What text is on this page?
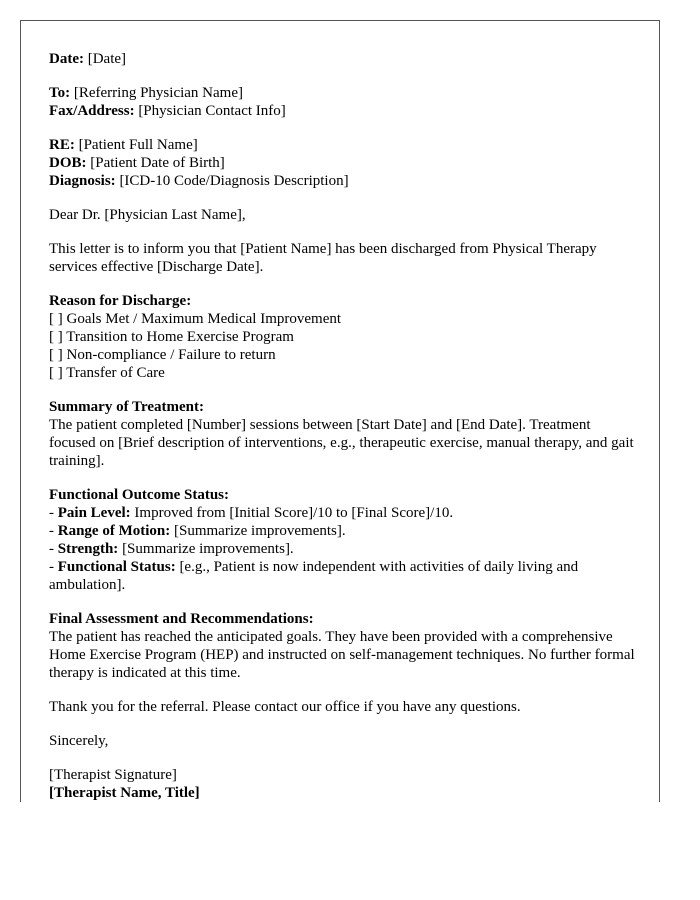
Date: [Date]

To: [Referring Physician Name]
Fax/Address: [Physician Contact Info]

RE: [Patient Full Name]
DOB: [Patient Date of Birth]
Diagnosis: [ICD-10 Code/Diagnosis Description]

Dear Dr. [Physician Last Name],

This letter is to inform you that [Patient Name] has been discharged from Physical Therapy services effective [Discharge Date].

Reason for Discharge:
[ ] Goals Met / Maximum Medical Improvement
[ ] Transition to Home Exercise Program
[ ] Non-compliance / Failure to return
[ ] Transfer of Care

Summary of Treatment:
The patient completed [Number] sessions between [Start Date] and [End Date]. Treatment focused on [Brief description of interventions, e.g., therapeutic exercise, manual therapy, and gait training].

Functional Outcome Status:
- Pain Level: Improved from [Initial Score]/10 to [Final Score]/10.
- Range of Motion: [Summarize improvements].
- Strength: [Summarize improvements].
- Functional Status: [e.g., Patient is now independent with activities of daily living and ambulation].

Final Assessment and Recommendations:
The patient has reached the anticipated goals. They have been provided with a comprehensive Home Exercise Program (HEP) and instructed on self-management techniques. No further formal therapy is indicated at this time.

Thank you for the referral. Please contact our office if you have any questions.

Sincerely,

[Therapist Signature]
[Therapist Name, Title]
